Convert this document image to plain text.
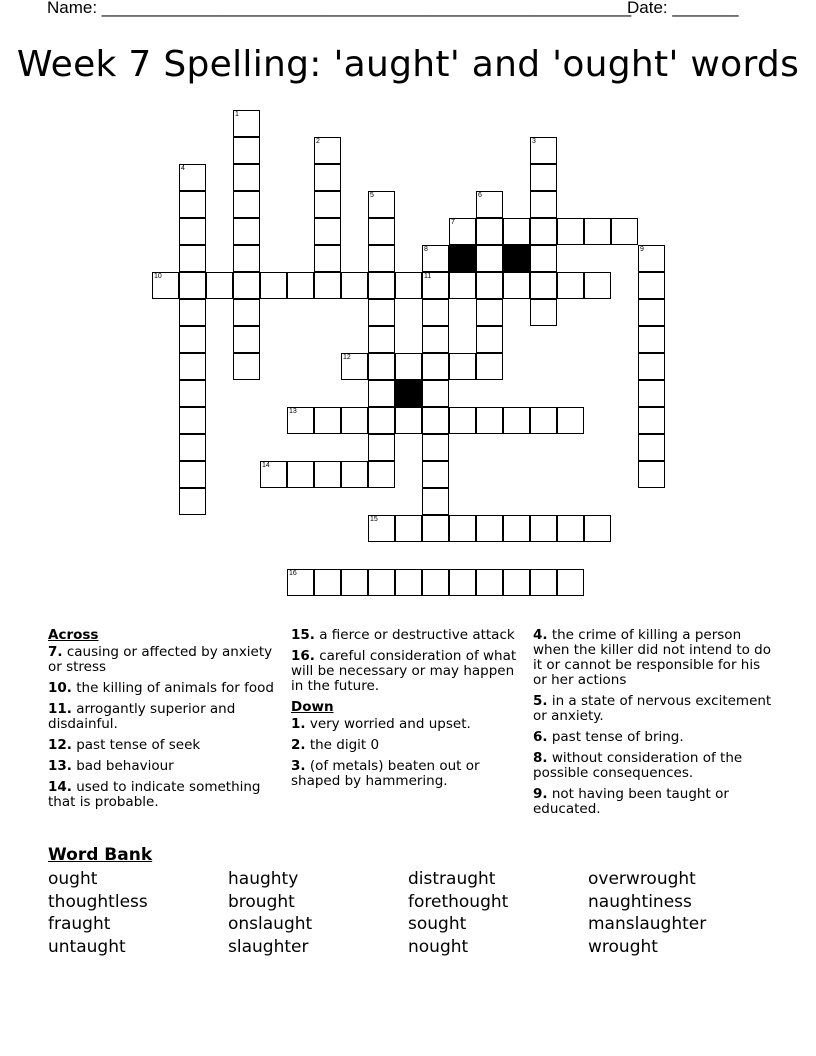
Name: ________________________________________________________
Date: _______
Week 7 Spelling: 'aught' and 'ought' words
7
10	11
12
13
14
15
16
1
2	3
4
5	6
8	9
Across
7. causing or affected by anxiety or stress
10. the killing of animals for food
11. arrogantly superior and disdainful.
12. past tense of seek
13. bad behaviour
14. used to indicate something that is probable.
15. a fierce or destructive attack
16. careful consideration of what will be necessary or may happen in the future.
Down
1. very worried and upset.
2. the digit 0
3. (of metals) beaten out or shaped by hammering.
4. the crime of killing a person when the killer did not intend to do it or cannot be responsible for his or her actions
5. in a state of nervous excitement or anxiety.
6. past tense of bring.
8. without consideration of the possible consequences.
9. not having been taught or educated.
Word Bank
ought	haughty	distraught	overwrought
thoughtless	brought	forethought	naughtiness
fraught	onslaught	sought	manslaughter
untaught	slaughter	nought	wrought
